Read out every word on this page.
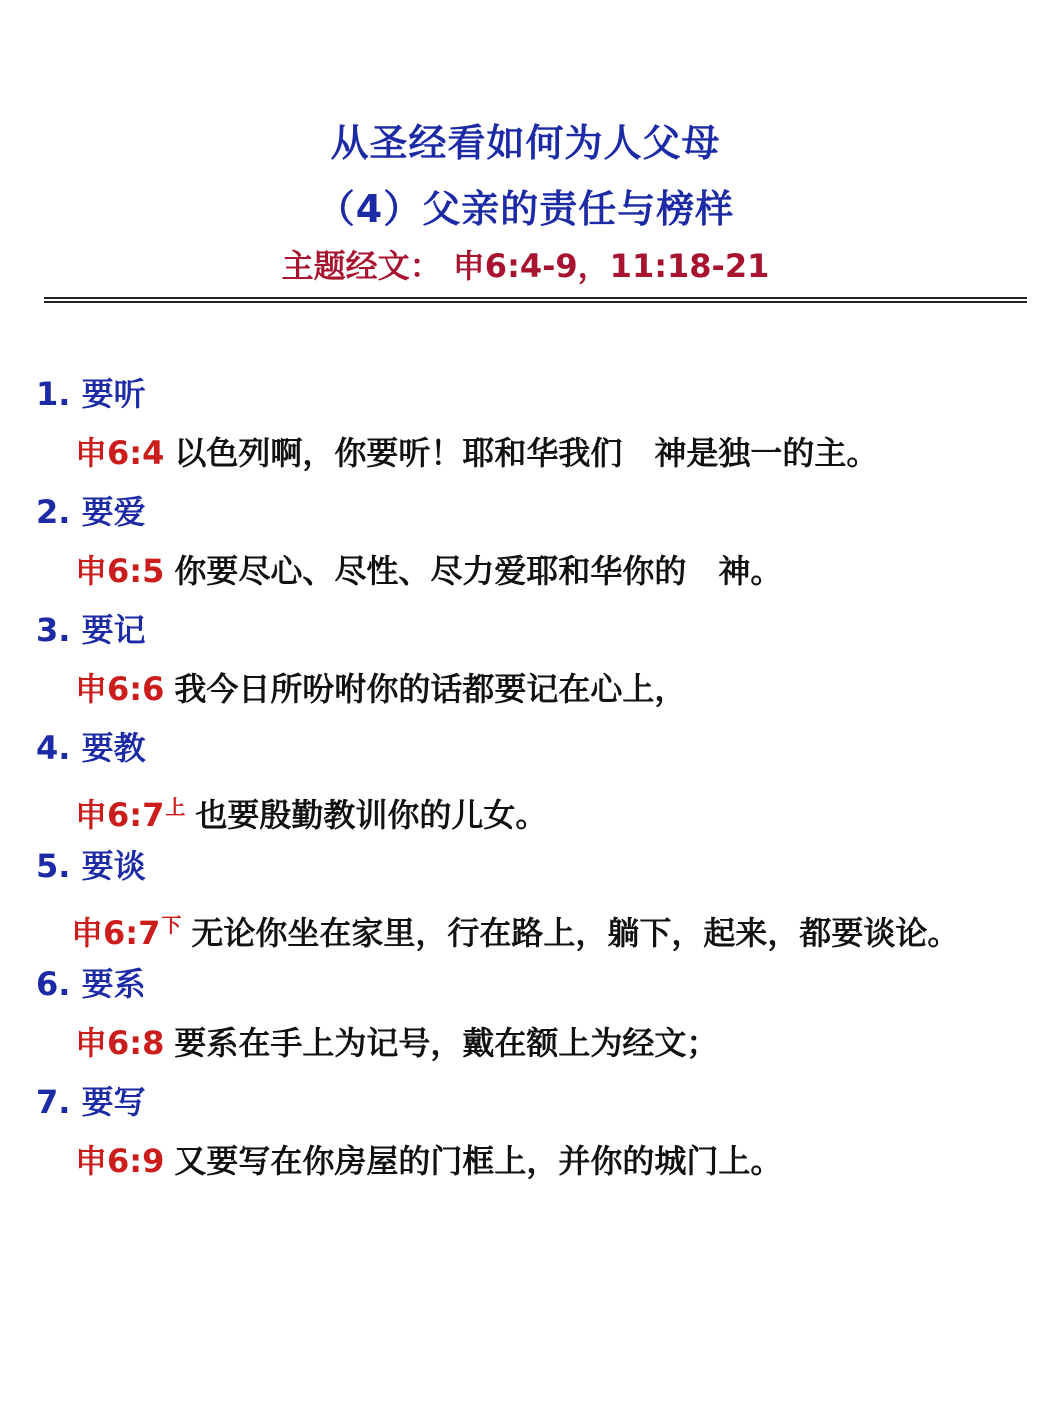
从圣经看如何为人父母
（4）父亲的责任与榜样
主题经文： 申6:4-9，11:18-21
1. 要听
申6:4 以色列啊，你要听！耶和华我们　神是独一的主。
2. 要爱
申6:5 你要尽心、尽性、尽力爱耶和华你的　神。
3. 要记
申6:6 我今日所吩咐你的话都要记在心上，
4. 要教
申$6:7^上$ 也要殷勤教训你的儿女。
5. 要谈
申$6:7^下$ 无论你坐在家里，行在路上，躺下，起来，都要谈论。
6. 要系
申6:8 要系在手上为记号，戴在额上为经文；
7. 要写
申6:9 又要写在你房屋的门框上，并你的城门上。
